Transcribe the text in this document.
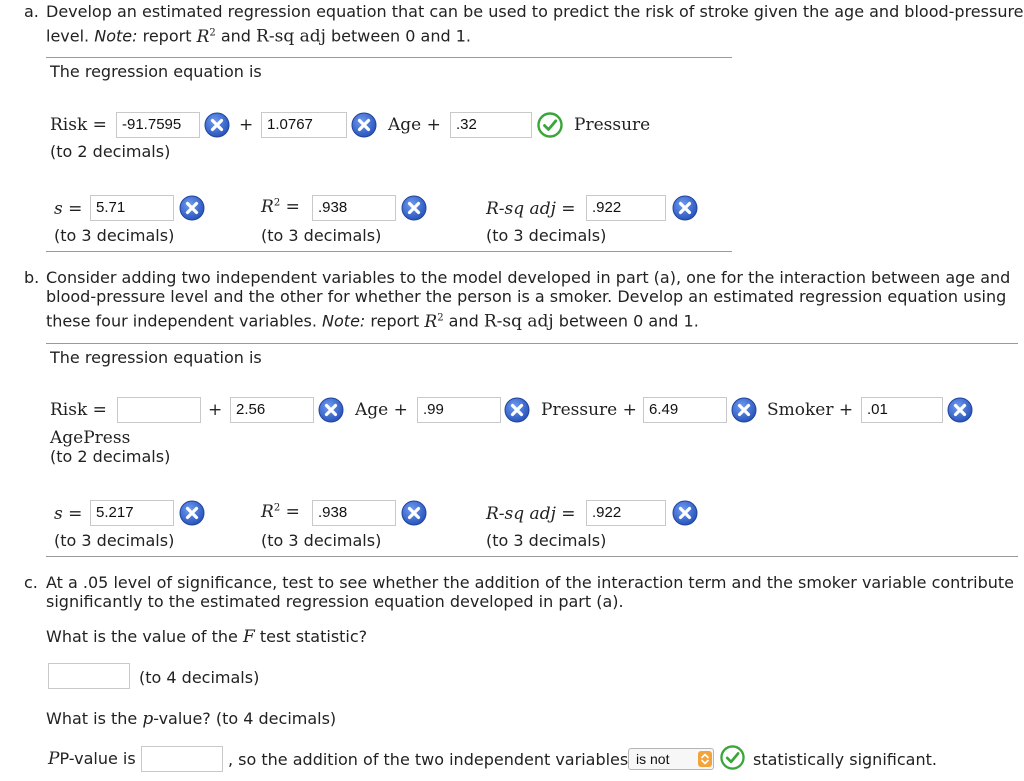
a. Develop an estimated regression equation that can be used to predict the risk of stroke given the age and blood-pressure
level. Note: report $R^2$ and R-sq adj between 0 and 1.
The regression equation is
Risk =	-91.7595	+ 1.0767	Age +	.32	Pressure
(to 2 decimals)
s = 5.71
(to 3 decimals)
$R^2$ =	.938
(to 3 decimals)
R-sq adj =	.922
(to 3 decimals)
b. Consider adding two independent variables to the model developed in part (a), one for the interaction between age and
blood-pressure level and the other for whether the person is a smoker. Develop an estimated regression equation using
these four independent variables. Note: report $R^2$ and R-sq adj between 0 and 1.
The regression equation is
Risk =	+ 2.56	Age +	.99	Pressure + 6.49	Smoker + .01
AgePress
(to 2 decimals)
s = 5.217
(to 3 decimals)
$R^2$ =	.938
(to 3 decimals)
R-sq adj =	.922
(to 3 decimals)
c. At a .05 level of significance, test to see whether the addition of the interaction term and the smoker variable contribute
significantly to the estimated regression equation developed in part (a).
What is the value of the F test statistic?
(to 4 decimals)
What is the p-value? (to 4 decimals)
PP-value is	, so the addition of the two independent variables is not	statistically significant.
